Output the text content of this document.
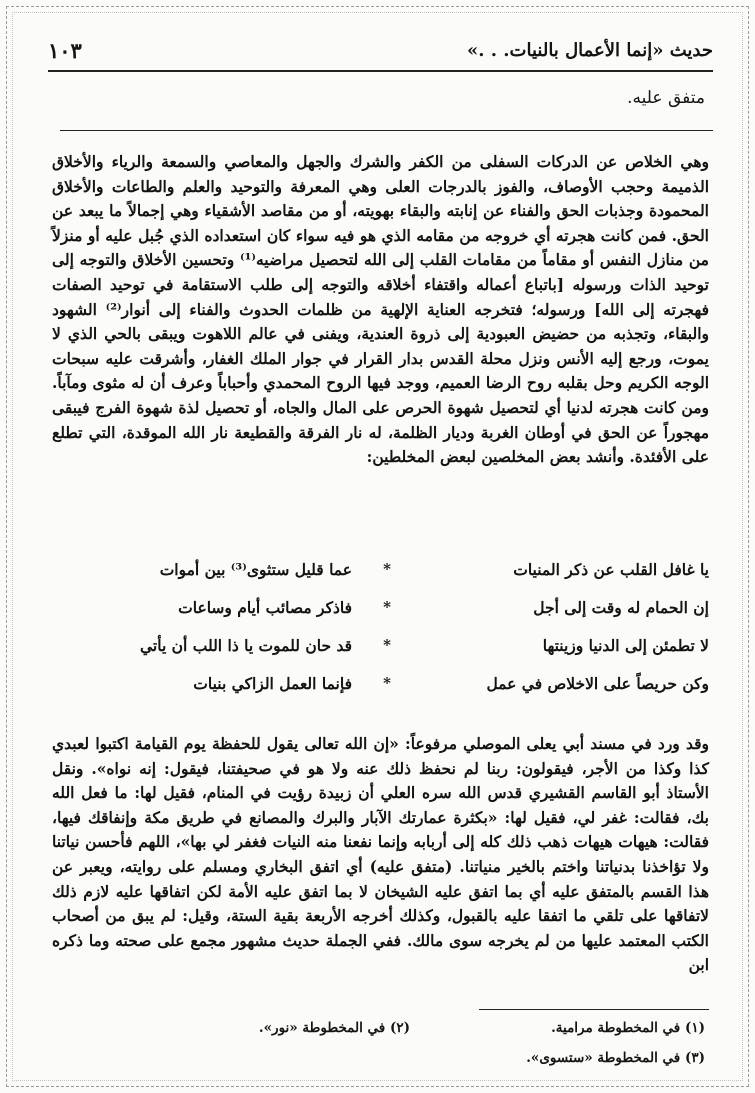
حديث «إنما الأعمال بالنيات. . .»
١٠٣
متفق عليه.
وهي الخلاص عن الدركات السفلى من الكفر والشرك والجهل والمعاصي والسمعة والرياء والأخلاق الذميمة وحجب الأوصاف، والفوز بالدرجات العلى وهي المعرفة والتوحيد والعلم والطاعات والأخلاق المحمودة وجذبات الحق والفناء عن إنابته والبقاء بهويته، أو من مقاصد الأشقياء وهي إجمالاً ما يبعد عن الحق. فمن كانت هجرته أي خروجه من مقامه الذي هو فيه سواء كان استعداده الذي جُبل عليه أو منزلاً من منازل النفس أو مقاماً من مقامات القلب إلى الله لتحصيل مراضيه⁽¹⁾ وتحسين الأخلاق والتوجه إلى توحيد الذات ورسوله [باتباع أعماله واقتفاء أخلاقه والتوجه إلى طلب الاستقامة في توحيد الصفات فهجرته إلى الله] ورسوله؛ فتخرجه العناية الإلهية من ظلمات الحدوث والفناء إلى أنوار⁽²⁾ الشهود والبقاء، وتجذبه من حضيض العبودية إلى ذروة العندية، ويفنى في عالم اللاهوت ويبقى بالحي الذي لا يموت، ورجع إليه الأنس ونزل محلة القدس بدار القرار في جوار الملك الغفار، وأشرقت عليه سبحات الوجه الكريم وحل بقلبه روح الرضا العميم، ووجد فيها الروح المحمدي وأحباباً وعرف أن له مثوى ومآباً. ومن كانت هجرته لدنيا أي لتحصيل شهوة الحرص على المال والجاه، أو تحصيل لذة شهوة الفرج فيبقى مهجوراً عن الحق في أوطان الغربة وديار الظلمة، له نار الفرقة والقطيعة نار الله الموقدة، التي تطلع على الأفئدة. وأنشد بعض المخلصين لبعض المخلطين:
يا غافل القلب عن ذكر المنيات
*
عما قليل ستثوى⁽³⁾ بين أموات
إن الحمام له وقت إلى أجل
*
فاذكر مصائب أيام وساعات
لا تطمئن إلى الدنيا وزينتها
*
قد حان للموت يا ذا اللب أن يأتي
وكن حريصاً على الاخلاص في عمل
*
فإنما العمل الزاكي بنيات
وقد ورد في مسند أبي يعلى الموصلي مرفوعاً: «إن الله تعالى يقول للحفظة يوم القيامة اكتبوا لعبدي كذا وكذا من الأجر، فيقولون: ربنا لم نحفظ ذلك عنه ولا هو في صحيفتنا، فيقول: إنه نواه». ونقل الأستاذ أبو القاسم القشيري قدس الله سره العلي أن زبيدة رؤيت في المنام، فقيل لها: ما فعل الله بك، فقالت: غفر لي، فقيل لها: «بكثرة عمارتك الآبار والبرك والمصانع في طريق مكة وإنفاقك فيها، فقالت: هيهات هيهات ذهب ذلك كله إلى أربابه وإنما نفعنا منه النيات فغفر لي بها»، اللهم فأحسن نياتنا ولا تؤاخذنا بدنياتنا واختم بالخير منياتنا. (متفق عليه) أي اتفق البخاري ومسلم على روايته، ويعبر عن هذا القسم بالمتفق عليه أي بما اتفق عليه الشيخان لا بما اتفق عليه الأمة لكن اتفاقها عليه لازم ذلك لاتفاقها على تلقي ما اتفقا عليه بالقبول، وكذلك أخرجه الأربعة بقية الستة، وقيل: لم يبق من أصحاب الكتب المعتمد عليها من لم يخرجه سوى مالك. ففي الجملة حديث مشهور مجمع على صحته وما ذكره ابن
(١) في المخطوطة مرامية.
(٢) في المخطوطة «نور».
(٣) في المخطوطة «ستسوى».
